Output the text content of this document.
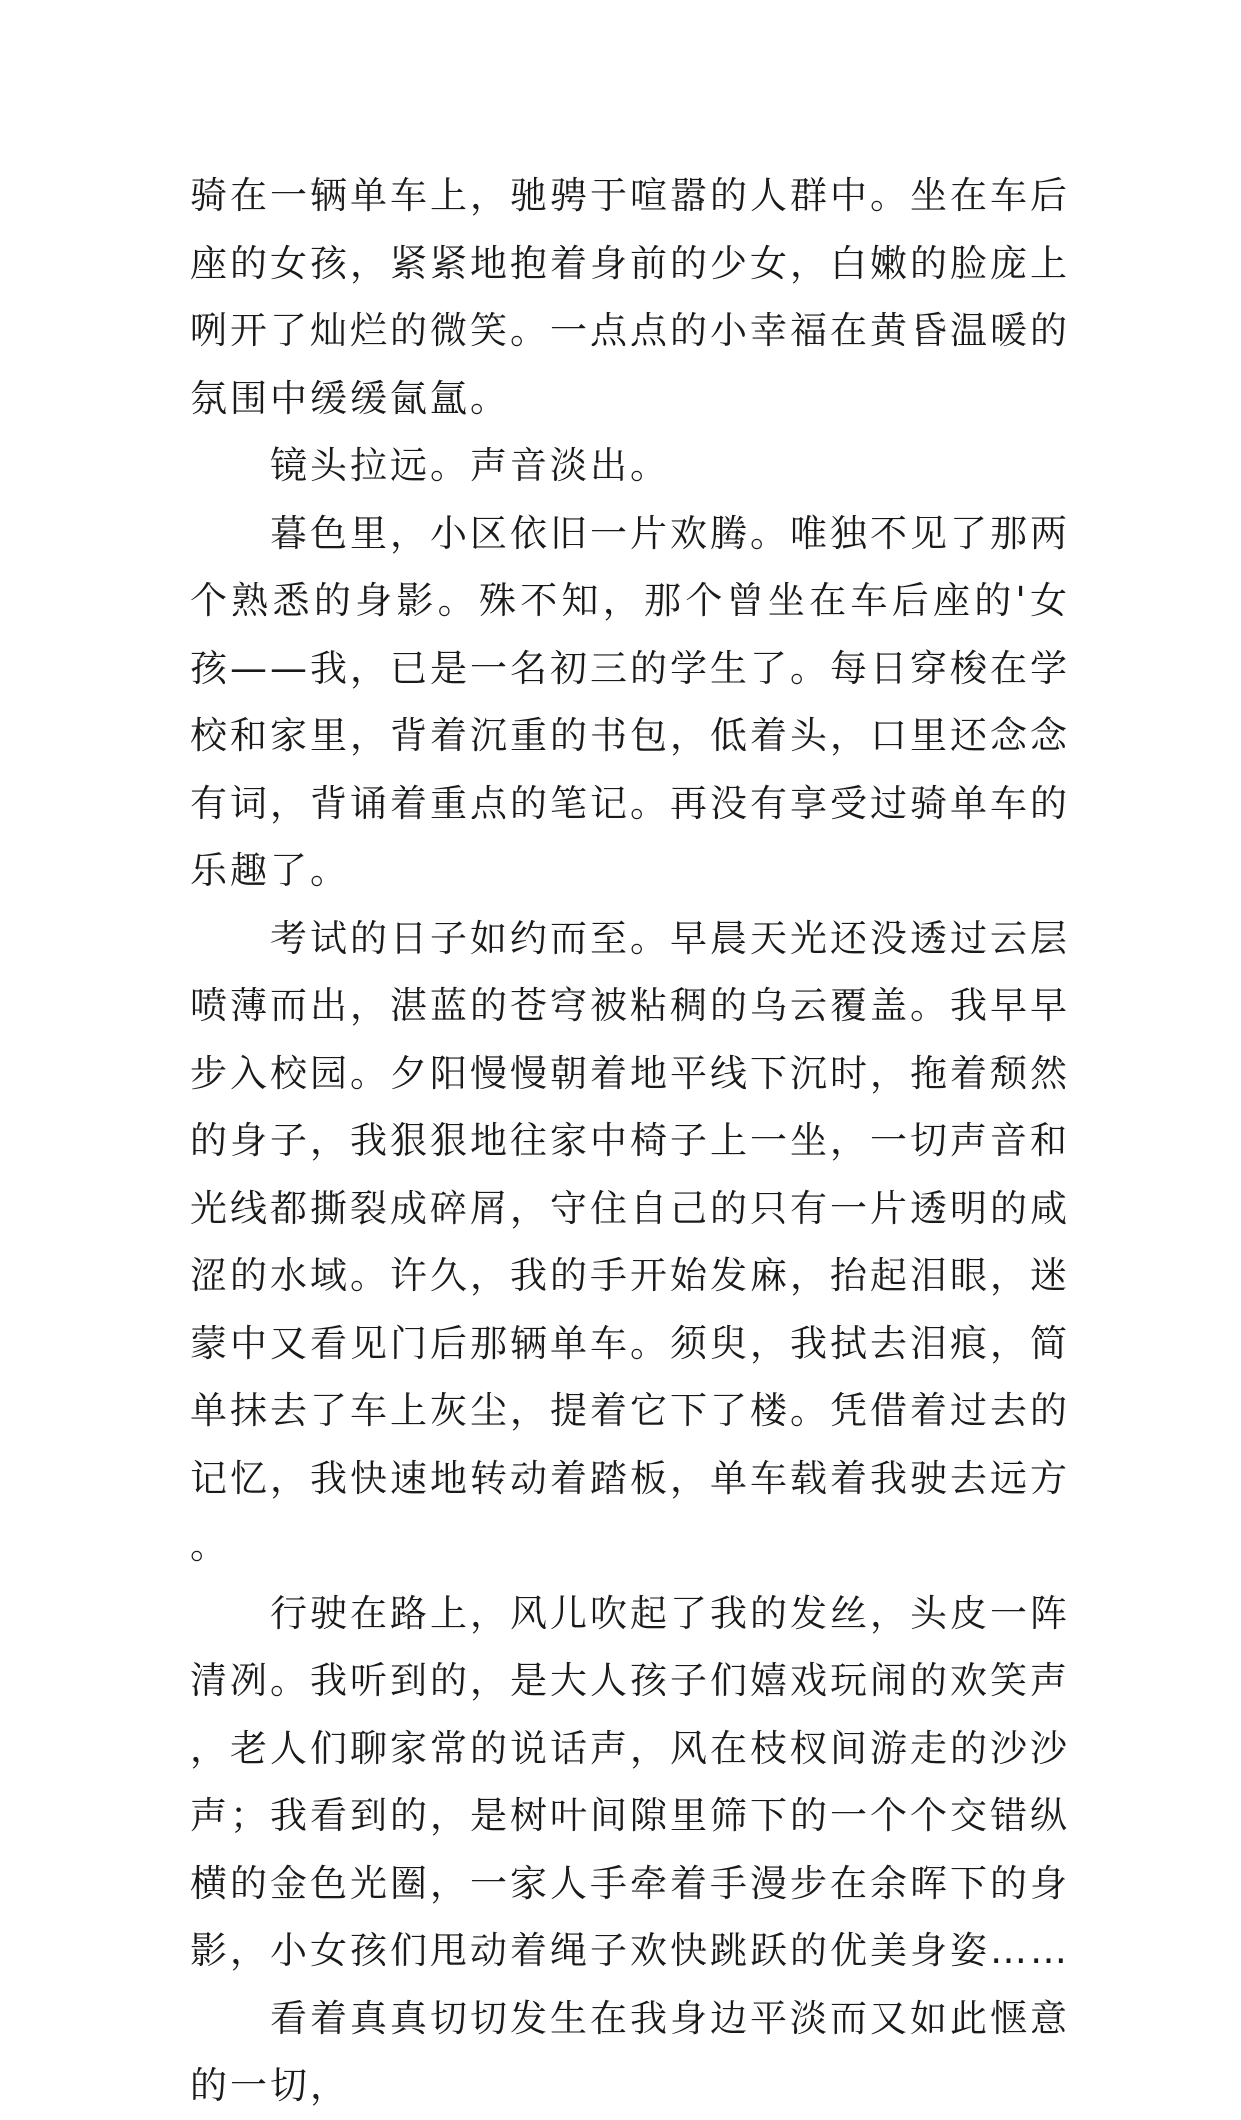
骑在一辆单车上，驰骋于喧嚣的人群中。坐在车后座的女孩，紧紧地抱着身前的少女，白嫩的脸庞上咧开了灿烂的微笑。一点点的小幸福在黄昏温暖的氛围中缓缓氤氲。

镜头拉远。声音淡出。

暮色里，小区依旧一片欢腾。唯独不见了那两个熟悉的身影。殊不知，那个曾坐在车后座的'女孩——我，已是一名初三的学生了。每日穿梭在学校和家里，背着沉重的书包，低着头，口里还念念有词，背诵着重点的笔记。再没有享受过骑单车的乐趣了。

考试的日子如约而至。早晨天光还没透过云层喷薄而出，湛蓝的苍穹被粘稠的乌云覆盖。我早早步入校园。夕阳慢慢朝着地平线下沉时，拖着颓然的身子，我狠狠地往家中椅子上一坐，一切声音和光线都撕裂成碎屑，守住自己的只有一片透明的咸涩的水域。许久，我的手开始发麻，抬起泪眼，迷蒙中又看见门后那辆单车。须臾，我拭去泪痕，简单抹去了车上灰尘，提着它下了楼。凭借着过去的记忆，我快速地转动着踏板，单车载着我驶去远方。

行驶在路上，风儿吹起了我的发丝，头皮一阵清冽。我听到的，是大人孩子们嬉戏玩闹的欢笑声，老人们聊家常的说话声，风在枝杈间游走的沙沙声；我看到的，是树叶间隙里筛下的一个个交错纵横的金色光圈，一家人手牵着手漫步在余晖下的身影，小女孩们甩动着绳子欢快跳跃的优美身姿……

看着真真切切发生在我身边平淡而又如此惬意的一切，
